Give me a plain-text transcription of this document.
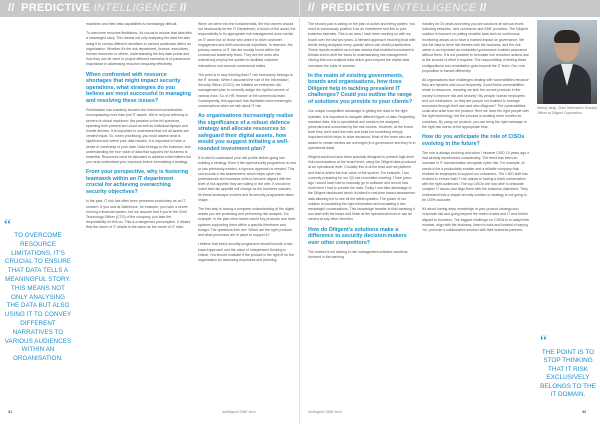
// PREDICTIVE INTELLIGENCE //

machines and their data capabilities is increasingly difficult.

To overcome resource limitations, it's crucial to ensure that data tells a meaningful story. This means not only analysing the data but also using it to convey different narratives to various audiences within an organisation. Whether it's the risk department, finance, executives, human resources or others, understanding the key data points and how they can be used to project different scenarios is of paramount importance in addressing resource inequality effectively.

When confronted with resource shortages that might impact security operations, what strategies do you believe are most successful in managing and resolving these issues?

Prioritisation has suddenly become the foremost consideration encompassing more than just IT assets. We're not just referring to servers or virtual machines; this pertains to the full spectrum, spanning both present and cloud as well as individual laptops and mobile devices. It is important to understand that not all assets are created equal. So, when prioritising, you must assess what is significant and where your data resides. It is important to have a sense of ownership of your data. Data belongs to the business, and understanding the true value of data that supports the business is essential. Resources must be allocated to address what matters but you must understand your exposure before formulating a strategy.

From your perspective, why is fostering teamwork within an IT department crucial for achieving overarching security objectives?

In the past, IT risk has often been perceived exclusively as an IT concern. If you look at Salesforce, for example, you have a server running a financial system, but we assume that if you're the Chief Technology Officer (CTO) of the company, you take the responsibility for this on. This is a dangerous presumption. It dilutes that the owner of IT assets is the same as the owner of IT risks.

When we delve into the fundamentals, the risk owners should not necessarily be the IT Department, a fusion of the asset; the responsibility to fix appropriate risk management does not fall on IT alone but on those who want it to drive customer engagement and fulfil commercial objectives. In essence, the primary owners of IT risk are usually found within the commercial leadership team. They are the ones who extensively employ the system to facilitate customer interactions and execute commercial duties.

The point is to stop thinking that IT risk exclusively belongs to the IT domain. When I assumed the role of the Information Security Officer (CISO), we initiated an enterprise risk management plan to correctly assign the rightful owners of various risks. So, in HR, finance or the commercial team. Consequently, this approach has facilitated more meaningful conversations when we talk about IT risk.

As organisations increasingly realise the significance of a robust defence strategy and allocate resources to safeguard their digital assets, how would you suggest initiating a well-rounded investment plan?

It is vital to understand your risk profile before going into building a strategy. Even if the cybersecurity programme is new or has previously existed, a rigorous approach is needed. This can include a risk assessment, which helps cyber risk professionals and business units to become aligned with the level of risk appetite they are willing to live with. It should be noted that risk appetite will change as the business matures, its threat landscape evolves and its security programme takes shape.

The first step is having a complete understanding of the digital assets you are protecting and performing risk analysis. For example, in the plan other teams would buy products and have systems supporting them within a specific timeframe and budget. The questions then are: Which are the right products and what processes are in place to support it?

I believe that every security programme should include a risk-based approach and the value of independent thinking is critical. You should evaluate if the product is the right fit for the organisation by assessing exposures and planning.

“
TO OVERCOME RESOURCE LIMITATIONS, IT'S CRUCIAL TO ENSURE THAT DATA TELLS A MEANINGFUL STORY. THIS MEANS NOT ONLY ANALYSING THE DATA BUT ALSO USING IT TO CONVEY DIFFERENT NARRATIVES TO VARIOUS AUDIENCES WITHIN AN ORGANISATION.
31	Intelligent SME.tech
// PREDICTIVE INTELLIGENCE //

The second part is acting on the plan of action and being patient. You need to consciously position it as an investment and link to your business interests. This is an area I have been working on with my board over the last two years. A blended approach involving trust with trends being analysed every quarter which can shield practitioners. These reports enabled us to track metrics that enabled investment in threats and to shift the focus to understanding risk management. Having this cost analysis data which goes beyond the visible data increases the odds of success.

In the realm of existing governments, boards and organisations, how does Diligent help in tackling prevalent IT challenges? Could you outline the range of solutions you provide to your clients?

Our unique competitive advantage is getting the data to the right eyeballs. It is important to navigate different types of data. Regarding machine data, this is operational and needs to be analysed, presented and consumed by the risk owners. However, at the board level they don't want the nuts and bolts but something deeply important which helps to drive decisions. Most of the team who are tasked to create metrics are overnight (in a governance and they're in operational data).

Diligent solutions have been specially designed to present high-level risk conversations at the board level, using the Diligent data produced at an operational level. Crucially this is at the lead and not platform and that is where the true value of the system. For example, I am currently preparing for our Q3 risk committee meeting. Three years ago I would have had to manually go to software and record how much time I had to provide the data. Today I can take advantage of the Diligent dashboard which is linked to real-time based assessment data allowing me to see all the latest updates. The power of our solution is translating the right information and escalating it into meaningful conversations. This knowledge transfer is fluid meaning it can start with the board and finish at the operational level or can be viewed at any other direction.

How do Diligent's solutions make a difference to security decision-makers over other competitors?

The market is not lacking in risk management software solutions. Involved in the banking

industry for 20 years and being you are solutions at various levels including networks, new commerce and SME providers. The Diligent solution is focused on putting sensible data and our continuous monitoring allows us to have a marked impact on governance. We use the data to drive risk themes with the business, and the risk owner is as important as embedded governance enables assurance without them. It is not possible to formulate risk reduction actions due to the amount of effort it requires. The responsibility of finding these configurations and remediation goes beyond the IT team. Our core proposition is framed differently.

All organisations face challenges dealing with vulnerabilities because they are dynamic and occur frequently. Good thinks vulnerabilities relate to resources, meaning we lack the correct products in the money to improve risk and security? By people: human employees and our contractors, so they are people not enabled to manage resources through their own and also diligence? The vulnerabilities could also arise from the product. Here we have the right people with the right technology, but the process is creating more hurdles for ourselves. By using our product, you can bring the right message to the right risk owner at the appropriate time.

How do you anticipate the role of CISOs evolving in the future?

The role is always evolving and when I became CISO 10 years ago it had already transformed considerably. The trend has been an increase in IT transformation alongside cyber risk. For example, AI needs to be a productivity enabler and a reliable company that enables its employees to support our customers. The CISO shift has evolved to ensure that IT risk stands to having a frank conversation with the right audiences. The top CISOs are now able to articulate complex IT issues and align them with the business objectives. They understand that a simple security solution or strategy is not going to be 100% accurate.

It's about having deep knowledge of your product strategy and corporate risk and going beyond the realm of data and IT and further aligned to business. The biggest challenge for CISOs is to adapt their mindset, align with the business, listen to risks and instead of saying 'no', promote a collaborative solution with their business partners.

Intelligent SME.tech	32
Neeraj Jangi, Chief Information Security Officer at Diligent Corporation
“
THE POINT IS TO STOP THINKING THAT IT RISK EXCLUSIVELY BELONGS TO THE IT DOMAIN.
